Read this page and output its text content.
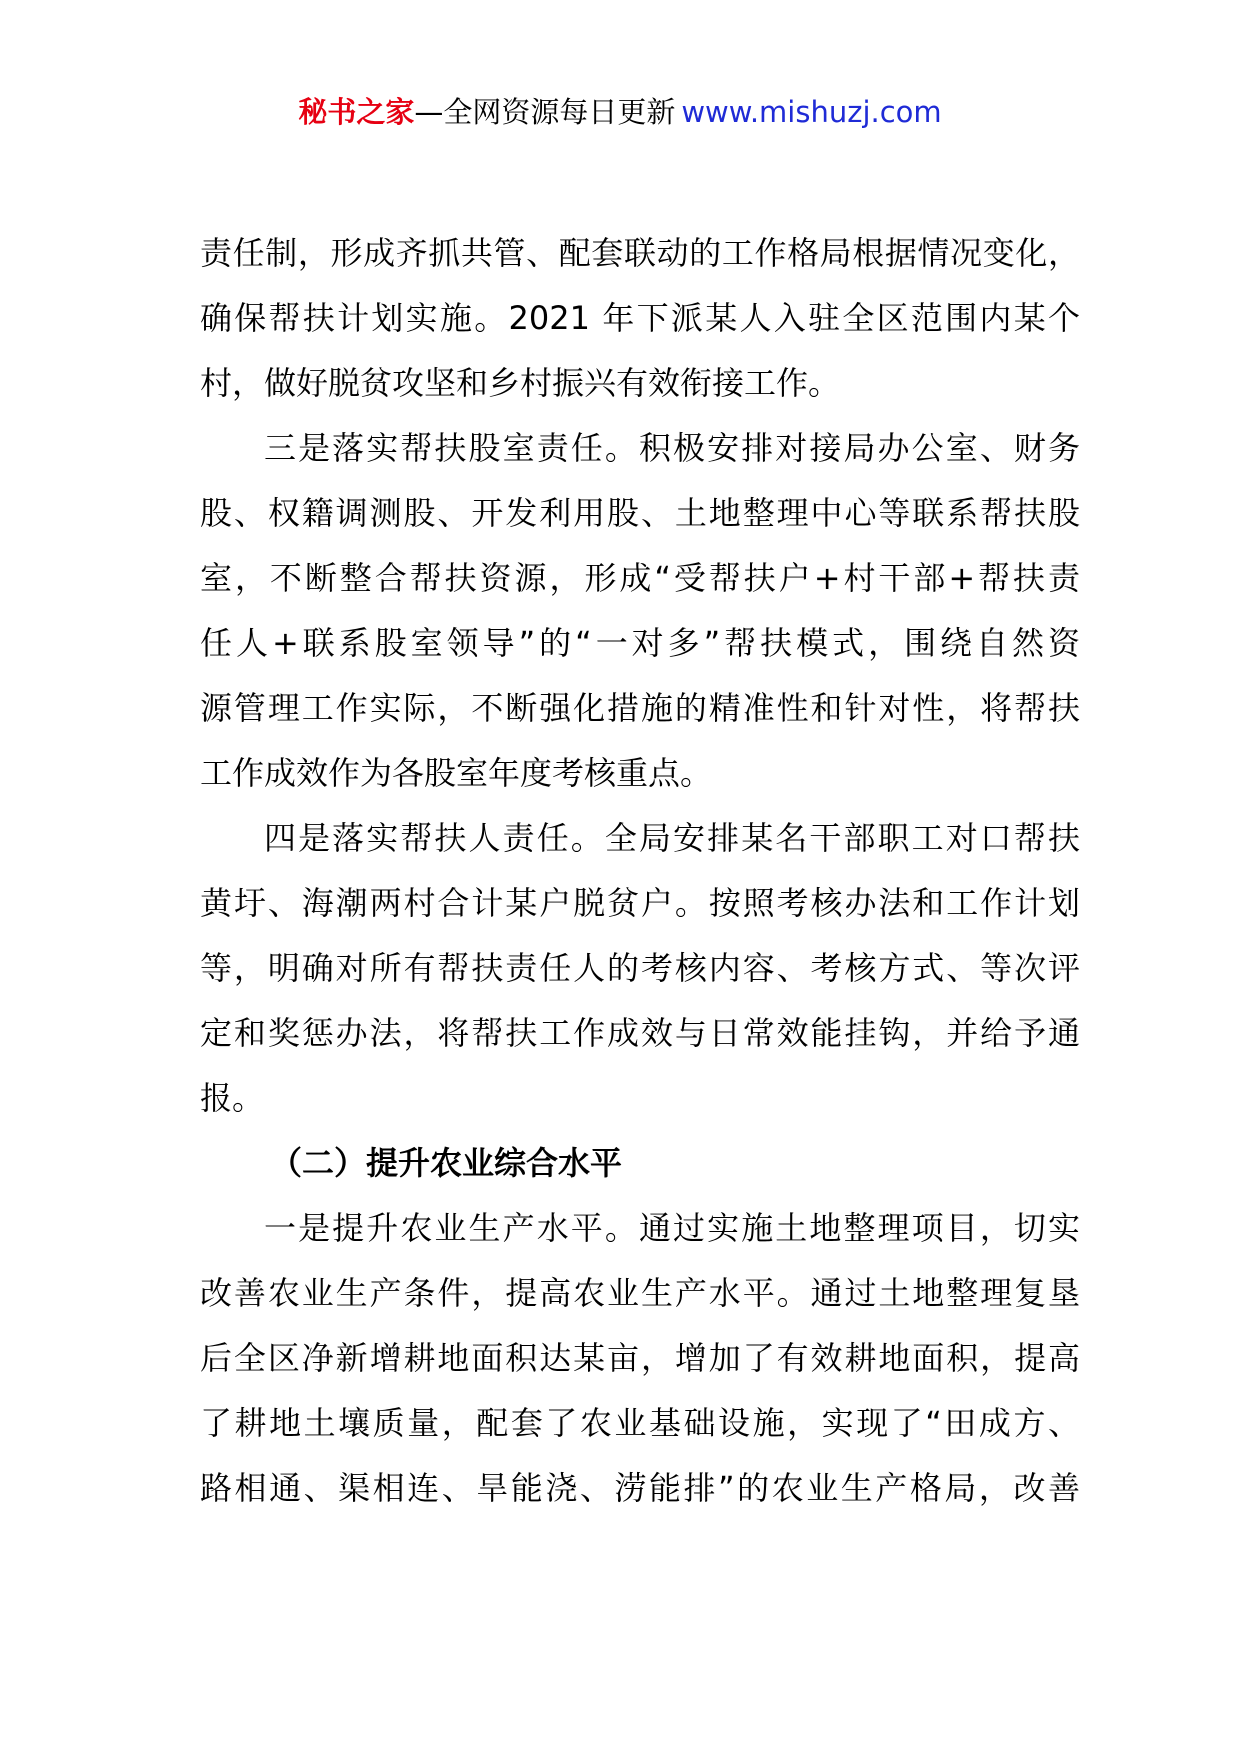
秘书之家—全网资源每日更新 www.mishuzj.com
责任制，形成齐抓共管、配套联动的工作格局根据情况变化，
确保帮扶计划实施。2021 年下派某人入驻全区范围内某个
村，做好脱贫攻坚和乡村振兴有效衔接工作。
三是落实帮扶股室责任。积极安排对接局办公室、财务
股、权籍调测股、开发利用股、土地整理中心等联系帮扶股
室，不断整合帮扶资源，形成“受帮扶户+村干部+帮扶责
任人+联系股室领导”的“一对多”帮扶模式，围绕自然资
源管理工作实际，不断强化措施的精准性和针对性，将帮扶
工作成效作为各股室年度考核重点。
四是落实帮扶人责任。全局安排某名干部职工对口帮扶
黄圩、海潮两村合计某户脱贫户。按照考核办法和工作计划
等，明确对所有帮扶责任人的考核内容、考核方式、等次评
定和奖惩办法，将帮扶工作成效与日常效能挂钩，并给予通
报。
（二）提升农业综合水平
一是提升农业生产水平。通过实施土地整理项目，切实
改善农业生产条件，提高农业生产水平。通过土地整理复垦
后全区净新增耕地面积达某亩，增加了有效耕地面积，提高
了耕地土壤质量，配套了农业基础设施，实现了“田成方、
路相通、渠相连、旱能浇、涝能排”的农业生产格局，改善
